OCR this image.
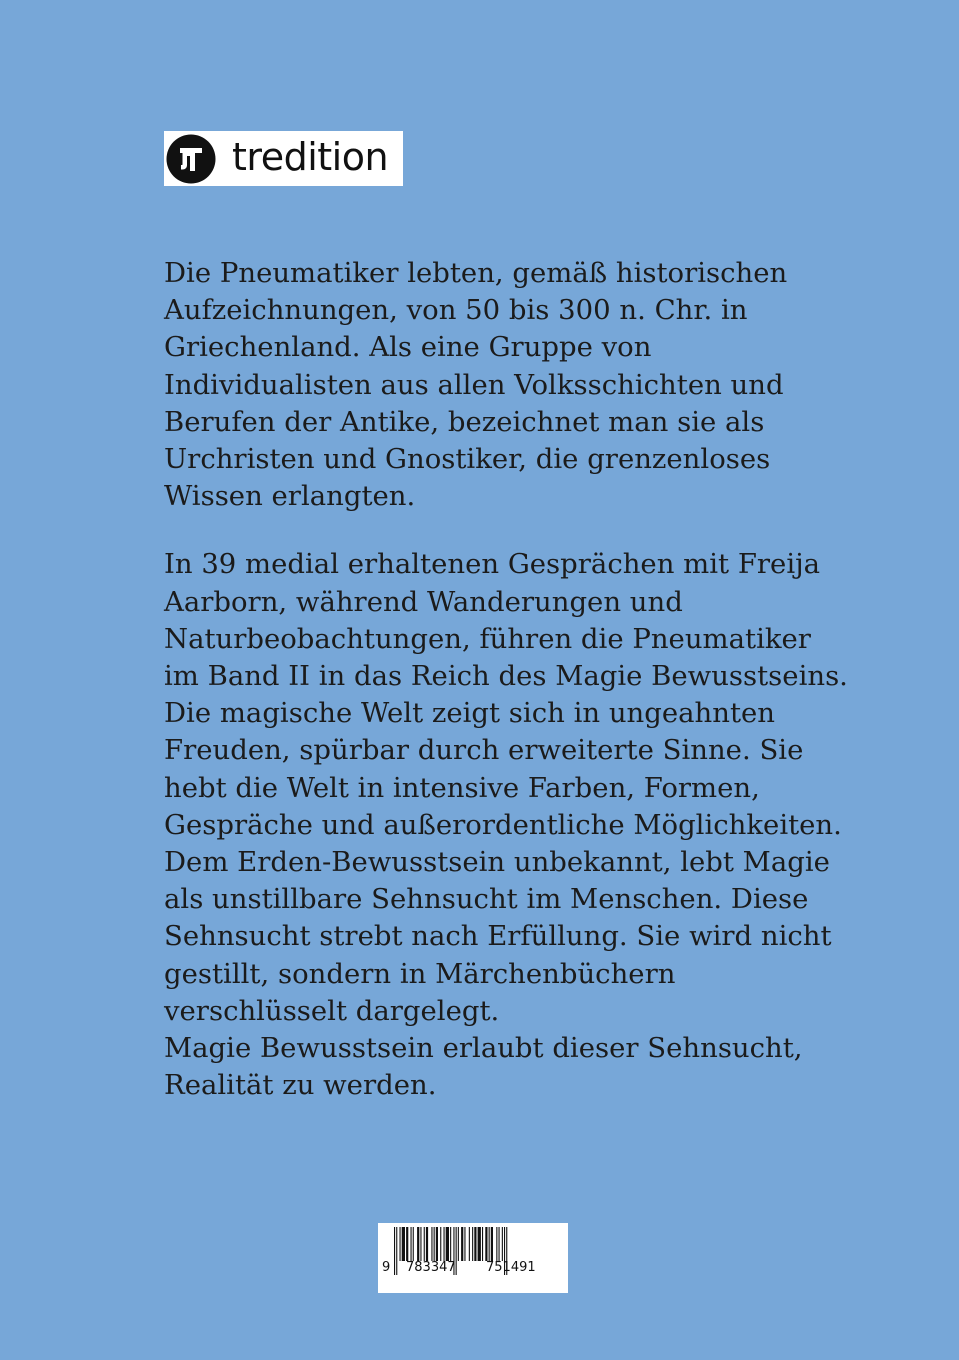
tredition

Die Pneumatiker lebten, gemäß historischen Aufzeichnungen, von 50 bis 300 n. Chr. in Griechenland. Als eine Gruppe von Individualisten aus allen Volksschichten und Berufen der Antike, bezeichnet man sie als Urchristen und Gnostiker, die grenzenloses Wissen erlangten.

In 39 medial erhaltenen Gesprächen mit Freija Aarborn, während Wanderungen und Naturbeobachtungen, führen die Pneumatiker im Band II in das Reich des Magie Bewusstseins. Die magische Welt zeigt sich in ungeahnten Freuden, spürbar durch erweiterte Sinne. Sie hebt die Welt in intensive Farben, Formen, Gespräche und außerordentliche Möglichkeiten. Dem Erden-Bewusstsein unbekannt, lebt Magie als unstillbare Sehnsucht im Menschen. Diese Sehnsucht strebt nach Erfüllung. Sie wird nicht gestillt, sondern in Märchenbüchern verschlüsselt dargelegt.

Magie Bewusstsein erlaubt dieser Sehnsucht, Realität zu werden.

9 783347 751491
